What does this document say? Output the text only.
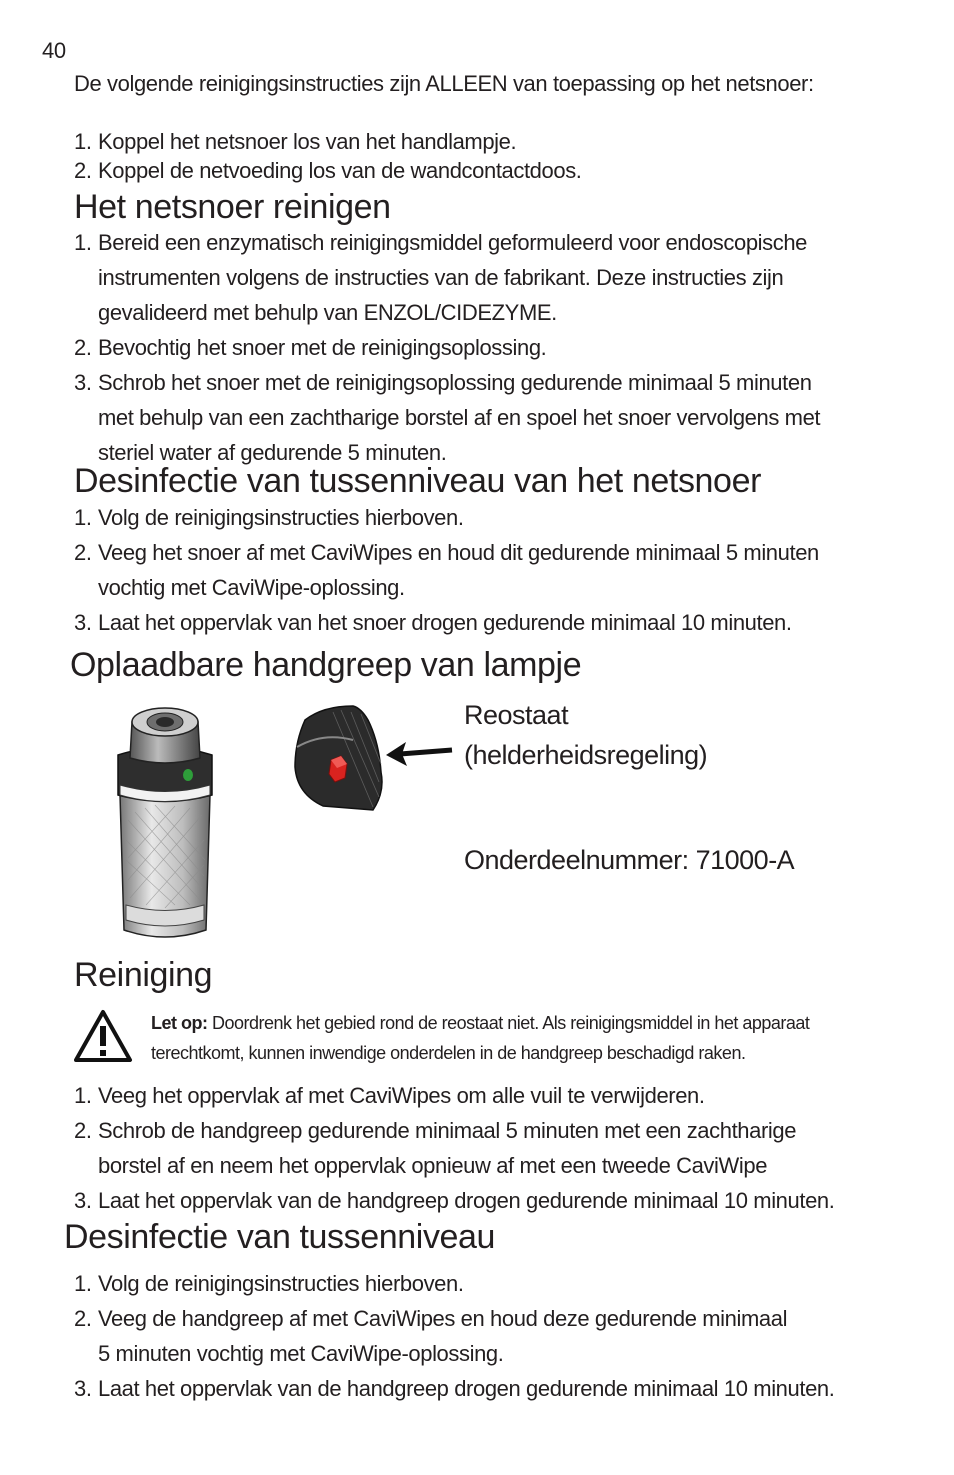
40
De volgende reinigingsinstructies zijn ALLEEN van toepassing op het netsnoer:
1. Koppel het netsnoer los van het handlampje.
2. Koppel de netvoeding los van de wandcontactdoos.
Het netsnoer reinigen
1. Bereid een enzymatisch reinigingsmiddel geformuleerd voor endoscopische
instrumenten volgens de instructies van de fabrikant. Deze instructies zijn
gevalideerd met behulp van ENZOL/CIDEZYME.
2. Bevochtig het snoer met de reinigingsoplossing.
3. Schrob het snoer met de reinigingsoplossing gedurende minimaal 5 minuten
met behulp van een zachtharige borstel af en spoel het snoer vervolgens met
steriel water af gedurende 5 minuten.
Desinfectie van tussenniveau van het netsnoer
1. Volg de reinigingsinstructies hierboven.
2. Veeg het snoer af met CaviWipes en houd dit gedurende minimaal 5 minuten
vochtig met CaviWipe-oplossing.
3. Laat het oppervlak van het snoer drogen gedurende minimaal 10 minuten.
Oplaadbare handgreep van lampje
Reostaat
(helderheidsregeling)
Onderdeelnummer: 71000-A
Reiniging
Let op: Doordrenk het gebied rond de reostaat niet. Als reinigingsmiddel in het apparaat terechtkomt, kunnen inwendige onderdelen in de handgreep beschadigd raken.
1. Veeg het oppervlak af met CaviWipes om alle vuil te verwijderen.
2. Schrob de handgreep gedurende minimaal 5 minuten met een zachtharige
borstel af en neem het oppervlak opnieuw af met een tweede CaviWipe
3. Laat het oppervlak van de handgreep drogen gedurende minimaal 10 minuten.
Desinfectie van tussenniveau
1. Volg de reinigingsinstructies hierboven.
2. Veeg de handgreep af met CaviWipes en houd deze gedurende minimaal
5 minuten vochtig met CaviWipe-oplossing.
3. Laat het oppervlak van de handgreep drogen gedurende minimaal 10 minuten.
